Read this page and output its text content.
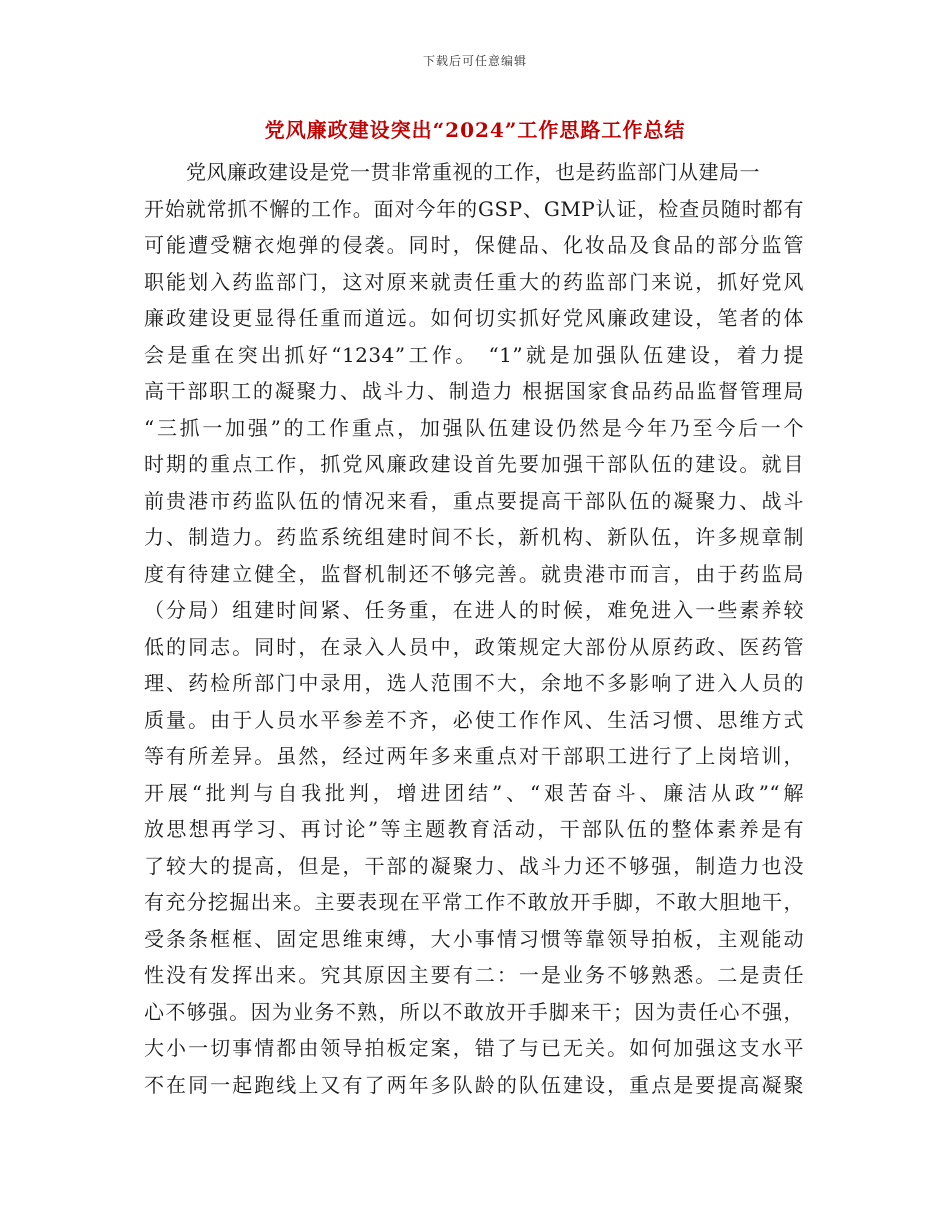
下载后可任意编辑
党风廉政建设突出“2024”工作思路工作总结
党风廉政建设是党一贯非常重视的工作，也是药监部门从建局一
开始就常抓不懈的工作。面对今年的GSP、GMP认证，检查员随时都有
可能遭受糖衣炮弹的侵袭。同时，保健品、化妆品及食品的部分监管
职能划入药监部门，这对原来就责任重大的药监部门来说，抓好党风
廉政建设更显得任重而道远。如何切实抓好党风廉政建设，笔者的体
会是重在突出抓好“1234”工作。 “1”就是加强队伍建设，着力提
高干部职工的凝聚力、战斗力、制造力 根据国家食品药品监督管理局
“三抓一加强”的工作重点，加强队伍建设仍然是今年乃至今后一个
时期的重点工作，抓党风廉政建设首先要加强干部队伍的建设。就目
前贵港市药监队伍的情况来看，重点要提高干部队伍的凝聚力、战斗
力、制造力。药监系统组建时间不长，新机构、新队伍，许多规章制
度有待建立健全，监督机制还不够完善。就贵港市而言，由于药监局
（分局）组建时间紧、任务重，在进人的时候，难免进入一些素养较
低的同志。同时，在录入人员中，政策规定大部份从原药政、医药管
理、药检所部门中录用，选人范围不大，余地不多影响了进入人员的
质量。由于人员水平参差不齐，必使工作作风、生活习惯、思维方式
等有所差异。虽然，经过两年多来重点对干部职工进行了上岗培训，
开展“批判与自我批判，增进团结”、“艰苦奋斗、廉洁从政”“解
放思想再学习、再讨论”等主题教育活动，干部队伍的整体素养是有
了较大的提高，但是，干部的凝聚力、战斗力还不够强，制造力也没
有充分挖掘出来。主要表现在平常工作不敢放开手脚，不敢大胆地干，
受条条框框、固定思维束缚，大小事情习惯等靠领导拍板，主观能动
性没有发挥出来。究其原因主要有二：一是业务不够熟悉。二是责任
心不够强。因为业务不熟，所以不敢放开手脚来干；因为责任心不强，
大小一切事情都由领导拍板定案，错了与已无关。如何加强这支水平
不在同一起跑线上又有了两年多队龄的队伍建设，重点是要提高凝聚
